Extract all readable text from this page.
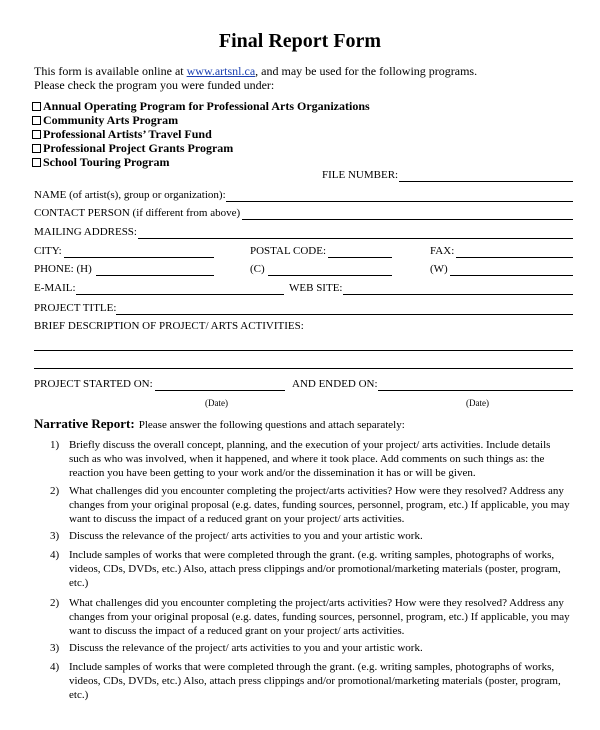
Final Report Form
This form is available online at www.artsnl.ca, and may be used for the following programs.
Please check the program you were funded under:
Annual Operating Program for Professional Arts Organizations
Community Arts Program
Professional Artists’ Travel Fund
Professional Project Grants Program
School Touring Program
FILE NUMBER:
NAME (of artist(s), group or organization):
CONTACT PERSON (if different from above)
MAILING ADDRESS:
CITY:	POSTAL CODE:	FAX:
PHONE: (H)	(C)	(W)
E-MAIL:	WEB SITE:
PROJECT TITLE:
BRIEF DESCRIPTION OF PROJECT/ ARTS ACTIVITIES:
PROJECT STARTED ON:	AND ENDED ON:
(Date)	(Date)
Narrative Report: Please answer the following questions and attach separately:
1) Briefly discuss the overall concept, planning, and the execution of your project/ arts activities. Include details such as who was involved, when it happened, and where it took place. Add comments on such things as: the reaction you have been getting to your work and/or the dissemination it has or will be given.
2) What challenges did you encounter completing the project/arts activities? How were they resolved? Address any changes from your original proposal (e.g. dates, funding sources, personnel, program, etc.) If applicable, you may want to discuss the impact of a reduced grant on your project/ arts activities.
3) Discuss the relevance of the project/ arts activities to you and your artistic work.
4) Include samples of works that were completed through the grant. (e.g. writing samples, photographs of works, videos, CDs, DVDs, etc.) Also, attach press clippings and/or promotional/marketing materials (poster, program, etc.)
2) What challenges did you encounter completing the project/arts activities? How were they resolved? Address any changes from your original proposal (e.g. dates, funding sources, personnel, program, etc.) If applicable, you may want to discuss the impact of a reduced grant on your project/ arts activities.
3) Discuss the relevance of the project/ arts activities to you and your artistic work.
4) Include samples of works that were completed through the grant. (e.g. writing samples, photographs of works, videos, CDs, DVDs, etc.) Also, attach press clippings and/or promotional/marketing materials (poster, program, etc.)
